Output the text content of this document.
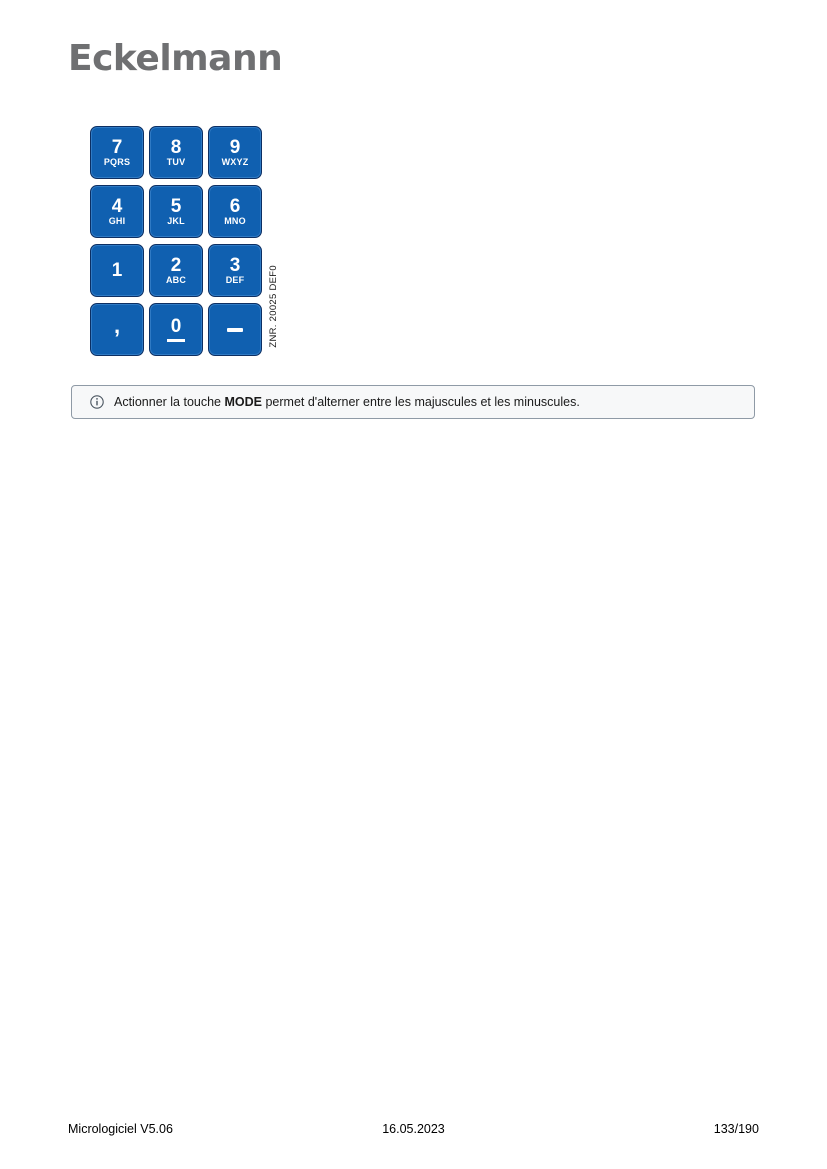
Eckelmann
7
PQRS
8
TUV
9
WXYZ
4
GHI
5
JKL
6
MNO
1	2
ABC
3
DEF
,	0	ZNR. 20025 DEF0
Actionner la touche MODE permet d'alterner entre les majuscules et les minuscules.
Micrologiciel V5.06	16.05.2023	133/190
